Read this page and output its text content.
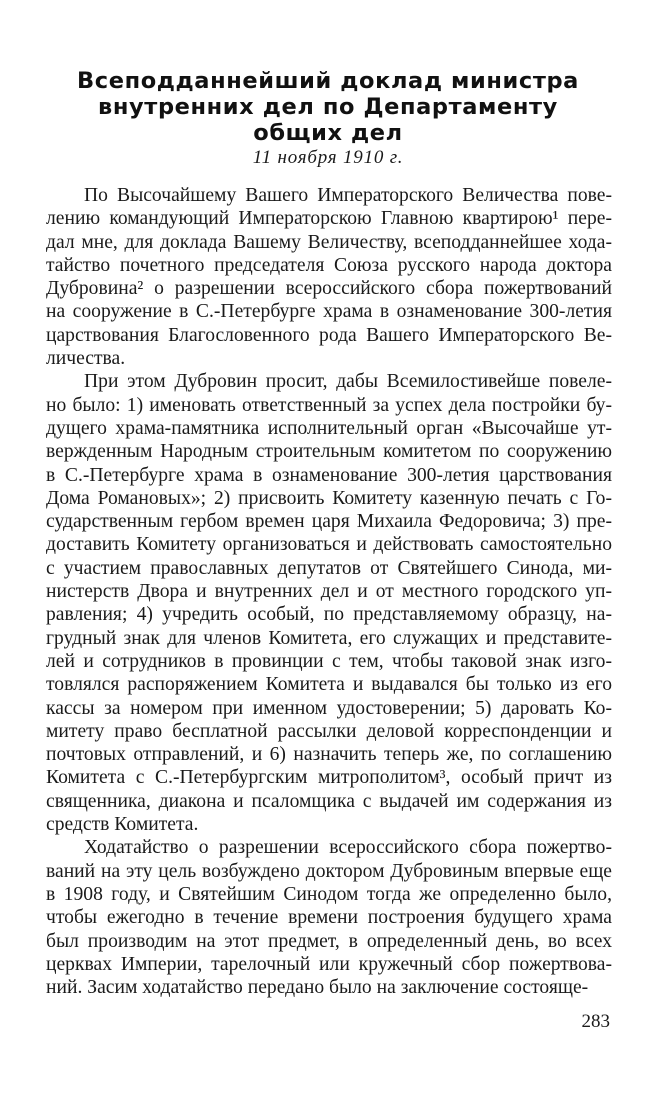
Всеподданнейший доклад министра
внутренних дел по Департаменту
общих дел
11 ноября 1910 г.
По Высочайшему Вашего Императорского Величества пове-
лению командующий Императорскою Главною квартирою¹ пере-
дал мне, для доклада Вашему Величеству, всеподданнейшее хода-
тайство почетного председателя Союза русского народа доктора
Дубровина² о разрешении всероссийского сбора пожертвований
на сооружение в С.-Петербурге храма в ознаменование 300-летия
царствования Благословенного рода Вашего Императорского Ве-
личества.
При этом Дубровин просит, дабы Всемилостивейше повеле-
но было: 1) именовать ответственный за успех дела постройки бу-
дущего храма-памятника исполнительный орган «Высочайше ут-
вержденным Народным строительным комитетом по сооружению
в С.-Петербурге храма в ознаменование 300-летия царствования
Дома Романовых»; 2) присвоить Комитету казенную печать с Го-
сударственным гербом времен царя Михаила Федоровича; 3) пре-
доставить Комитету организоваться и действовать самостоятельно
с участием православных депутатов от Святейшего Синода, ми-
нистерств Двора и внутренних дел и от местного городского уп-
равления; 4) учредить особый, по представляемому образцу, на-
грудный знак для членов Комитета, его служащих и представите-
лей и сотрудников в провинции с тем, чтобы таковой знак изго-
товлялся распоряжением Комитета и выдавался бы только из его
кассы за номером при именном удостоверении; 5) даровать Ко-
митету право бесплатной рассылки деловой корреспонденции и
почтовых отправлений, и 6) назначить теперь же, по соглашению
Комитета с С.-Петербургским митрополитом³, особый причт из
священника, диакона и псаломщика с выдачей им содержания из
средств Комитета.
Ходатайство о разрешении всероссийского сбора пожертво-
ваний на эту цель возбуждено доктором Дубровиным впервые еще
в 1908 году, и Святейшим Синодом тогда же определенно было,
чтобы ежегодно в течение времени построения будущего храма
был производим на этот предмет, в определенный день, во всех
церквах Империи, тарелочный или кружечный сбор пожертвова-
ний. Засим ходатайство передано было на заключение состояще-
283
